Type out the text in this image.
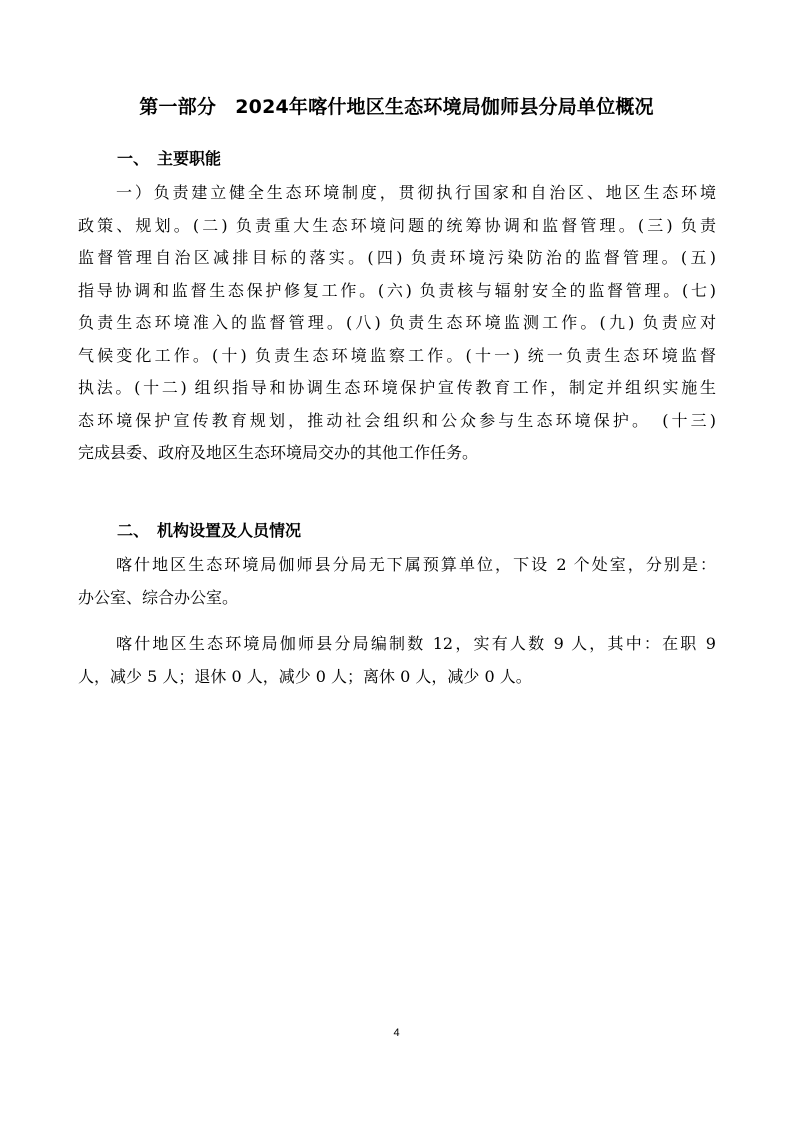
第一部分　2024年喀什地区生态环境局伽师县分局单位概况
一、　主要职能
一）负责建立健全生态环境制度，贯彻执行国家和自治区、地区生态环境
政策、规划。(二) 负责重大生态环境问题的统筹协调和监督管理。(三) 负责
监督管理自治区减排目标的落实。(四) 负责环境污染防治的监督管理。(五)
指导协调和监督生态保护修复工作。(六) 负责核与辐射安全的监督管理。(七)
负责生态环境准入的监督管理。(八) 负责生态环境监测工作。(九) 负责应对
气候变化工作。(十) 负责生态环境监察工作。(十一) 统一负责生态环境监督
执法。(十二) 组织指导和协调生态环境保护宣传教育工作，制定并组织实施生
态环境保护宣传教育规划，推动社会组织和公众参与生态环境保护。　(十三)
完成县委、政府及地区生态环境局交办的其他工作任务。
二、　机构设置及人员情况
喀什地区生态环境局伽师县分局无下属预算单位，下设 2 个处室，分别是：
办公室、综合办公室。
喀什地区生态环境局伽师县分局编制数 12，实有人数 9 人，其中：在职 9
人，减少 5 人；退休 0 人，减少 0 人；离休 0 人，减少 0 人。
4
